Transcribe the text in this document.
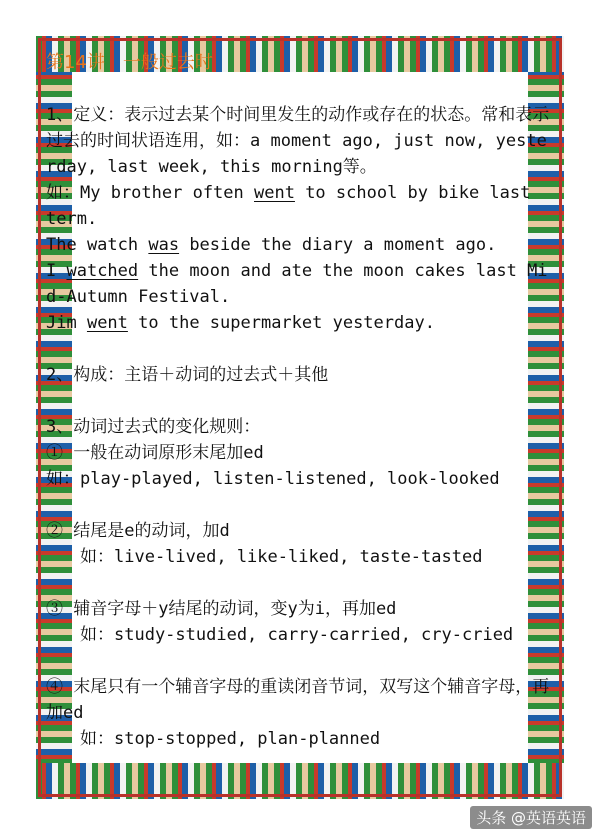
第14讲　一般过去时

1、定义：表示过去某个时间里发生的动作或存在的状态。常和表示过去的时间状语连用，如：a moment ago, just now, yesterday, last week, this morning等。

如：My brother often went to school by bike last term.

The watch was beside the diary a moment ago.

I watched the moon and ate the moon cakes last Mid-Autumn Festival.

Jim went to the supermarket yesterday.

2、构成：主语＋动词的过去式＋其他

3、动词过去式的变化规则：

① 一般在动词原形末尾加ed

如：play-played, listen-listened, look-looked

② 结尾是e的动词，加d

如：live-lived, like-liked, taste-tasted

③ 辅音字母＋y结尾的动词，变y为i，再加ed

如：study-studied, carry-carried, cry-cried

④ 末尾只有一个辅音字母的重读闭音节词，双写这个辅音字母，再加ed

如：stop-stopped, plan-planned

头条 @英语英语
